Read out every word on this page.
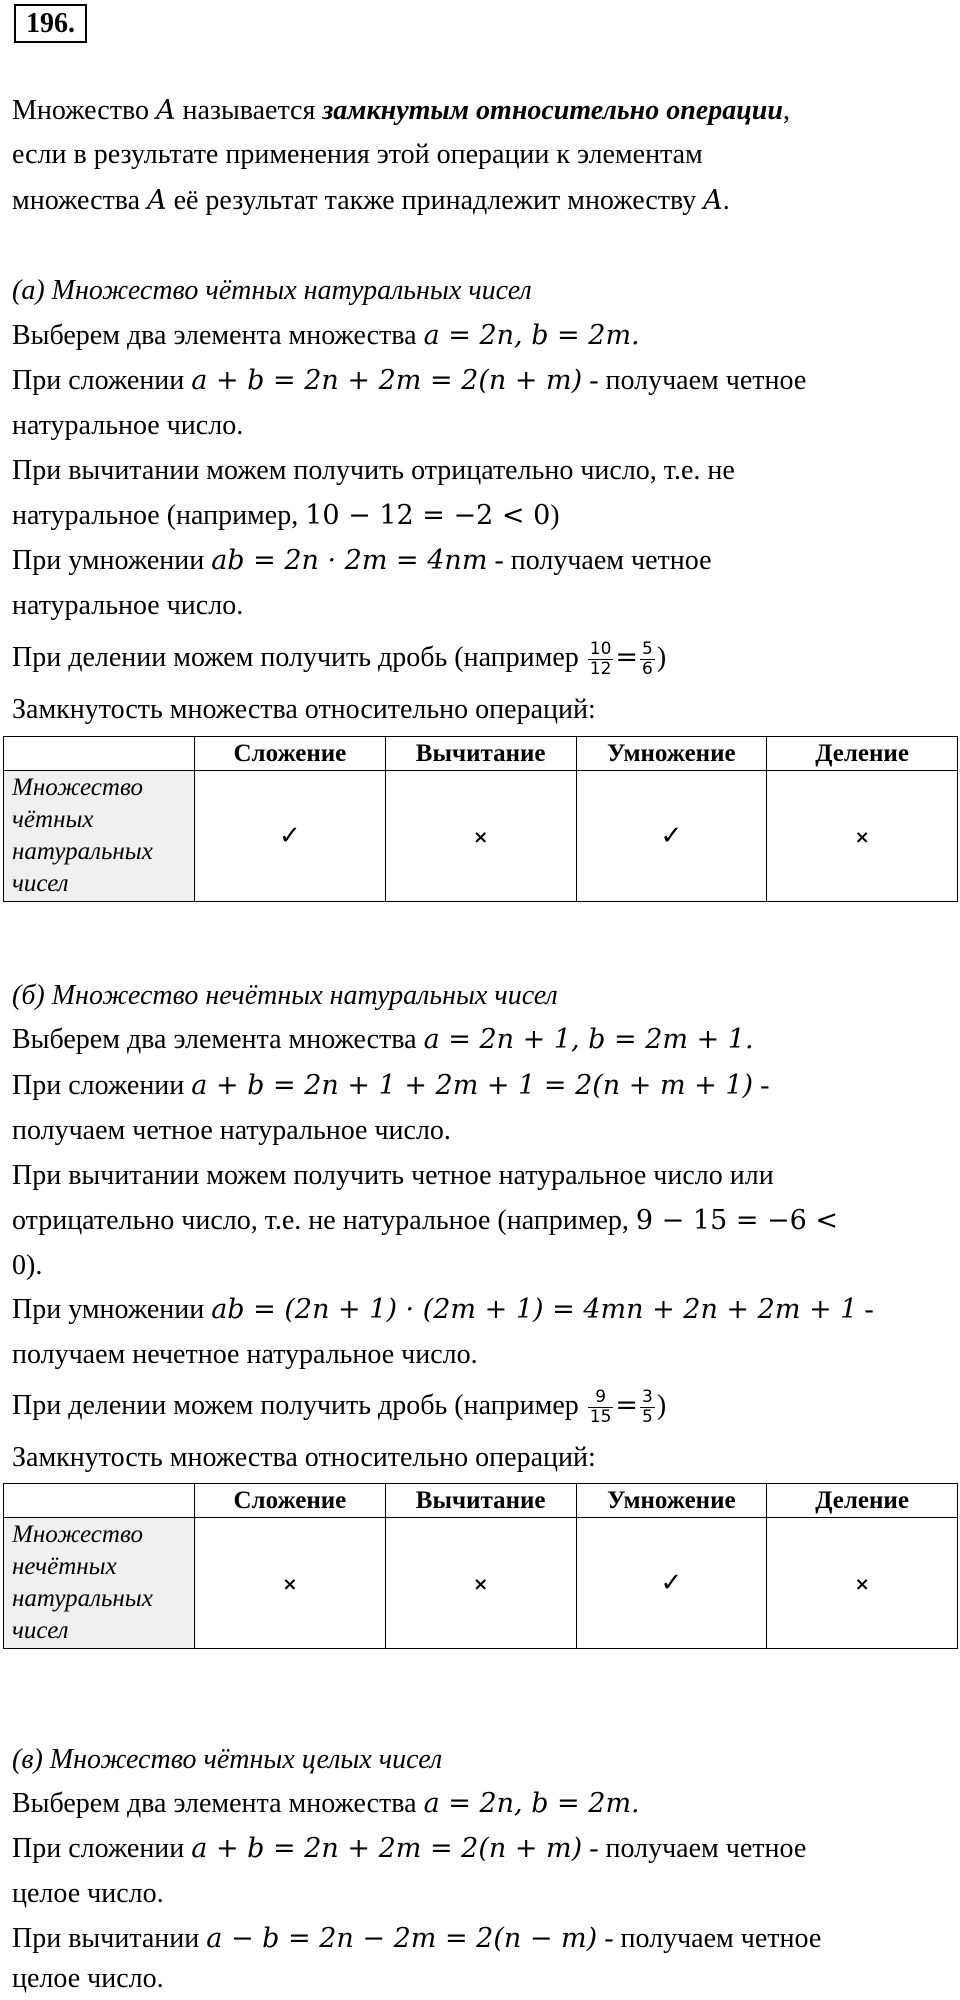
196.
Множество A называется замкнутым относительно операции,
если в результате применения этой операции к элементам
множества A её результат также принадлежит множеству A.
(а) Множество чётных натуральных чисел
Выберем два элемента множества a = 2n, b = 2m.
При сложении a + b = 2n + 2m = 2(n + m) - получаем четное
натуральное число.
При вычитании можем получить отрицательно число, т.е. не
натуральное (например, 10 − 12 = −2 < 0)
При умножении ab = 2n · 2m = 4nm - получаем четное
натуральное число.
При делении можем получить дробь (например $\frac{10}{12} = \frac{5}{6}$ )
Замкнутость множества относительно операций:
	Сложение	Вычитание	Умножение	Деление
Множество чётных натуральных чисел	✓	×	✓	×
(б) Множество нечётных натуральных чисел
Выберем два элемента множества a = 2n + 1, b = 2m + 1.
При сложении a + b = 2n + 1 + 2m + 1 = 2(n + m + 1) -
получаем четное натуральное число.
При вычитании можем получить четное натуральное число или
отрицательно число, т.е. не натуральное (например, 9 − 15 = −6 <
0).
При умножении ab = (2n + 1) · (2m + 1) = 4mn + 2n + 2m + 1 -
получаем нечетное натуральное число.
При делении можем получить дробь (например $\frac{9}{15} = \frac{3}{5}$ )
Замкнутость множества относительно операций:
	Сложение	Вычитание	Умножение	Деление
Множество нечётных натуральных чисел	×	×	✓	×
(в) Множество чётных целых чисел
Выберем два элемента множества a = 2n, b = 2m.
При сложении a + b = 2n + 2m = 2(n + m) - получаем четное
целое число.
При вычитании a − b = 2n − 2m = 2(n − m) - получаем четное
целое число.
